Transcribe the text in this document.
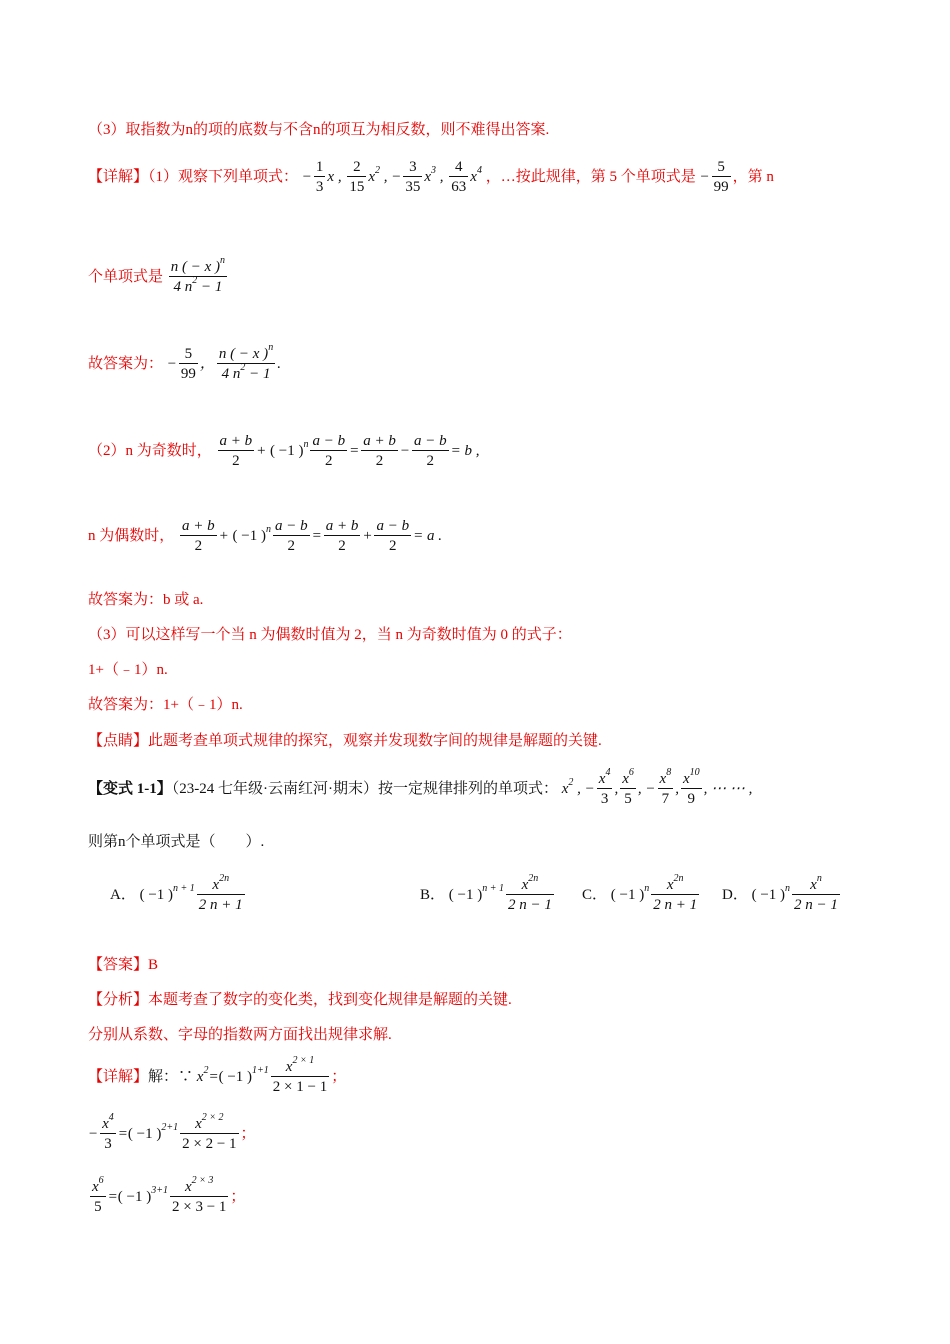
（3）取指数为n的项的底数与不含n的项互为相反数，则不难得出答案.
【详解】（1）观察下列单项式： − $\frac{1}{3}$ x , $\frac{2}{15} x^2$ , − $\frac{3}{35} x^3$ , $\frac{4}{63} x^4$ ，…按此规律，第 5 个单项式是 − $\frac{5}{99}$ ，第 n
个单项式是 $\frac{n ( - x )^n}{4 n^2 - 1}$
故答案为： − $\frac{5}{99}$ ， $\frac{n ( - x )^n}{4 n^2 - 1}$ .
（2）n 为奇数时， $\frac{a + b}{2}$ + ( −1 )$^n \frac{a - b}{2} = \frac{a + b}{2} - \frac{a - b}{2} = b$ ,
n 为偶数时， $\frac{a + b}{2}$ + ( −1 )$^n \frac{a - b}{2} = \frac{a + b}{2} + \frac{a - b}{2} = a$ .
故答案为：b 或 a.
（3）可以这样写一个当 n 为偶数时值为 2，当 n 为奇数时值为 0 的式子：
1+（﹣1）n.
故答案为：1+（﹣1）n.
【点睛】此题考查单项式规律的探究，观察并发现数字间的规律是解题的关键.
【变式 1-1】（23-24 七年级·云南红河·期末）按一定规律排列的单项式： $x^2$ , − $\frac{x^4}{3}$ , $\frac{x^6}{5}$ , − $\frac{x^8}{7}$ , $\frac{x^{10}}{9}$ , ⋯ ⋯ ,
则第n个单项式是（　　）.
A． ( −1 )$^{n + 1} \frac{x^{2n}}{2 n + 1}$	B． ( −1 )$^{n + 1} \frac{x^{2n}}{2 n - 1}$ C． ( −1 )$^n \frac{x^{2n}}{2 n + 1}$ D． ( −1 )$^n \frac{x^n}{2 n - 1}$
【答案】B
【分析】本题考查了数字的变化类，找到变化规律是解题的关键.
分别从系数、字母的指数两方面找出规律求解.
【详解】解：∵ $x^2=( -1$ )$^{1+1} \frac{x^{2 \times 1}}{2 \times 1 - 1}$ ；
− $\frac{x^4}{3}$ =( −1 )$^{2+1} \frac{x^{2 \times 2}}{2 \times 2 - 1}$ ；
$\frac{x^6}{5}$ =( −1 )$^{3+1} \frac{x^{2 \times 3}}{2 \times 3 - 1}$ ；
